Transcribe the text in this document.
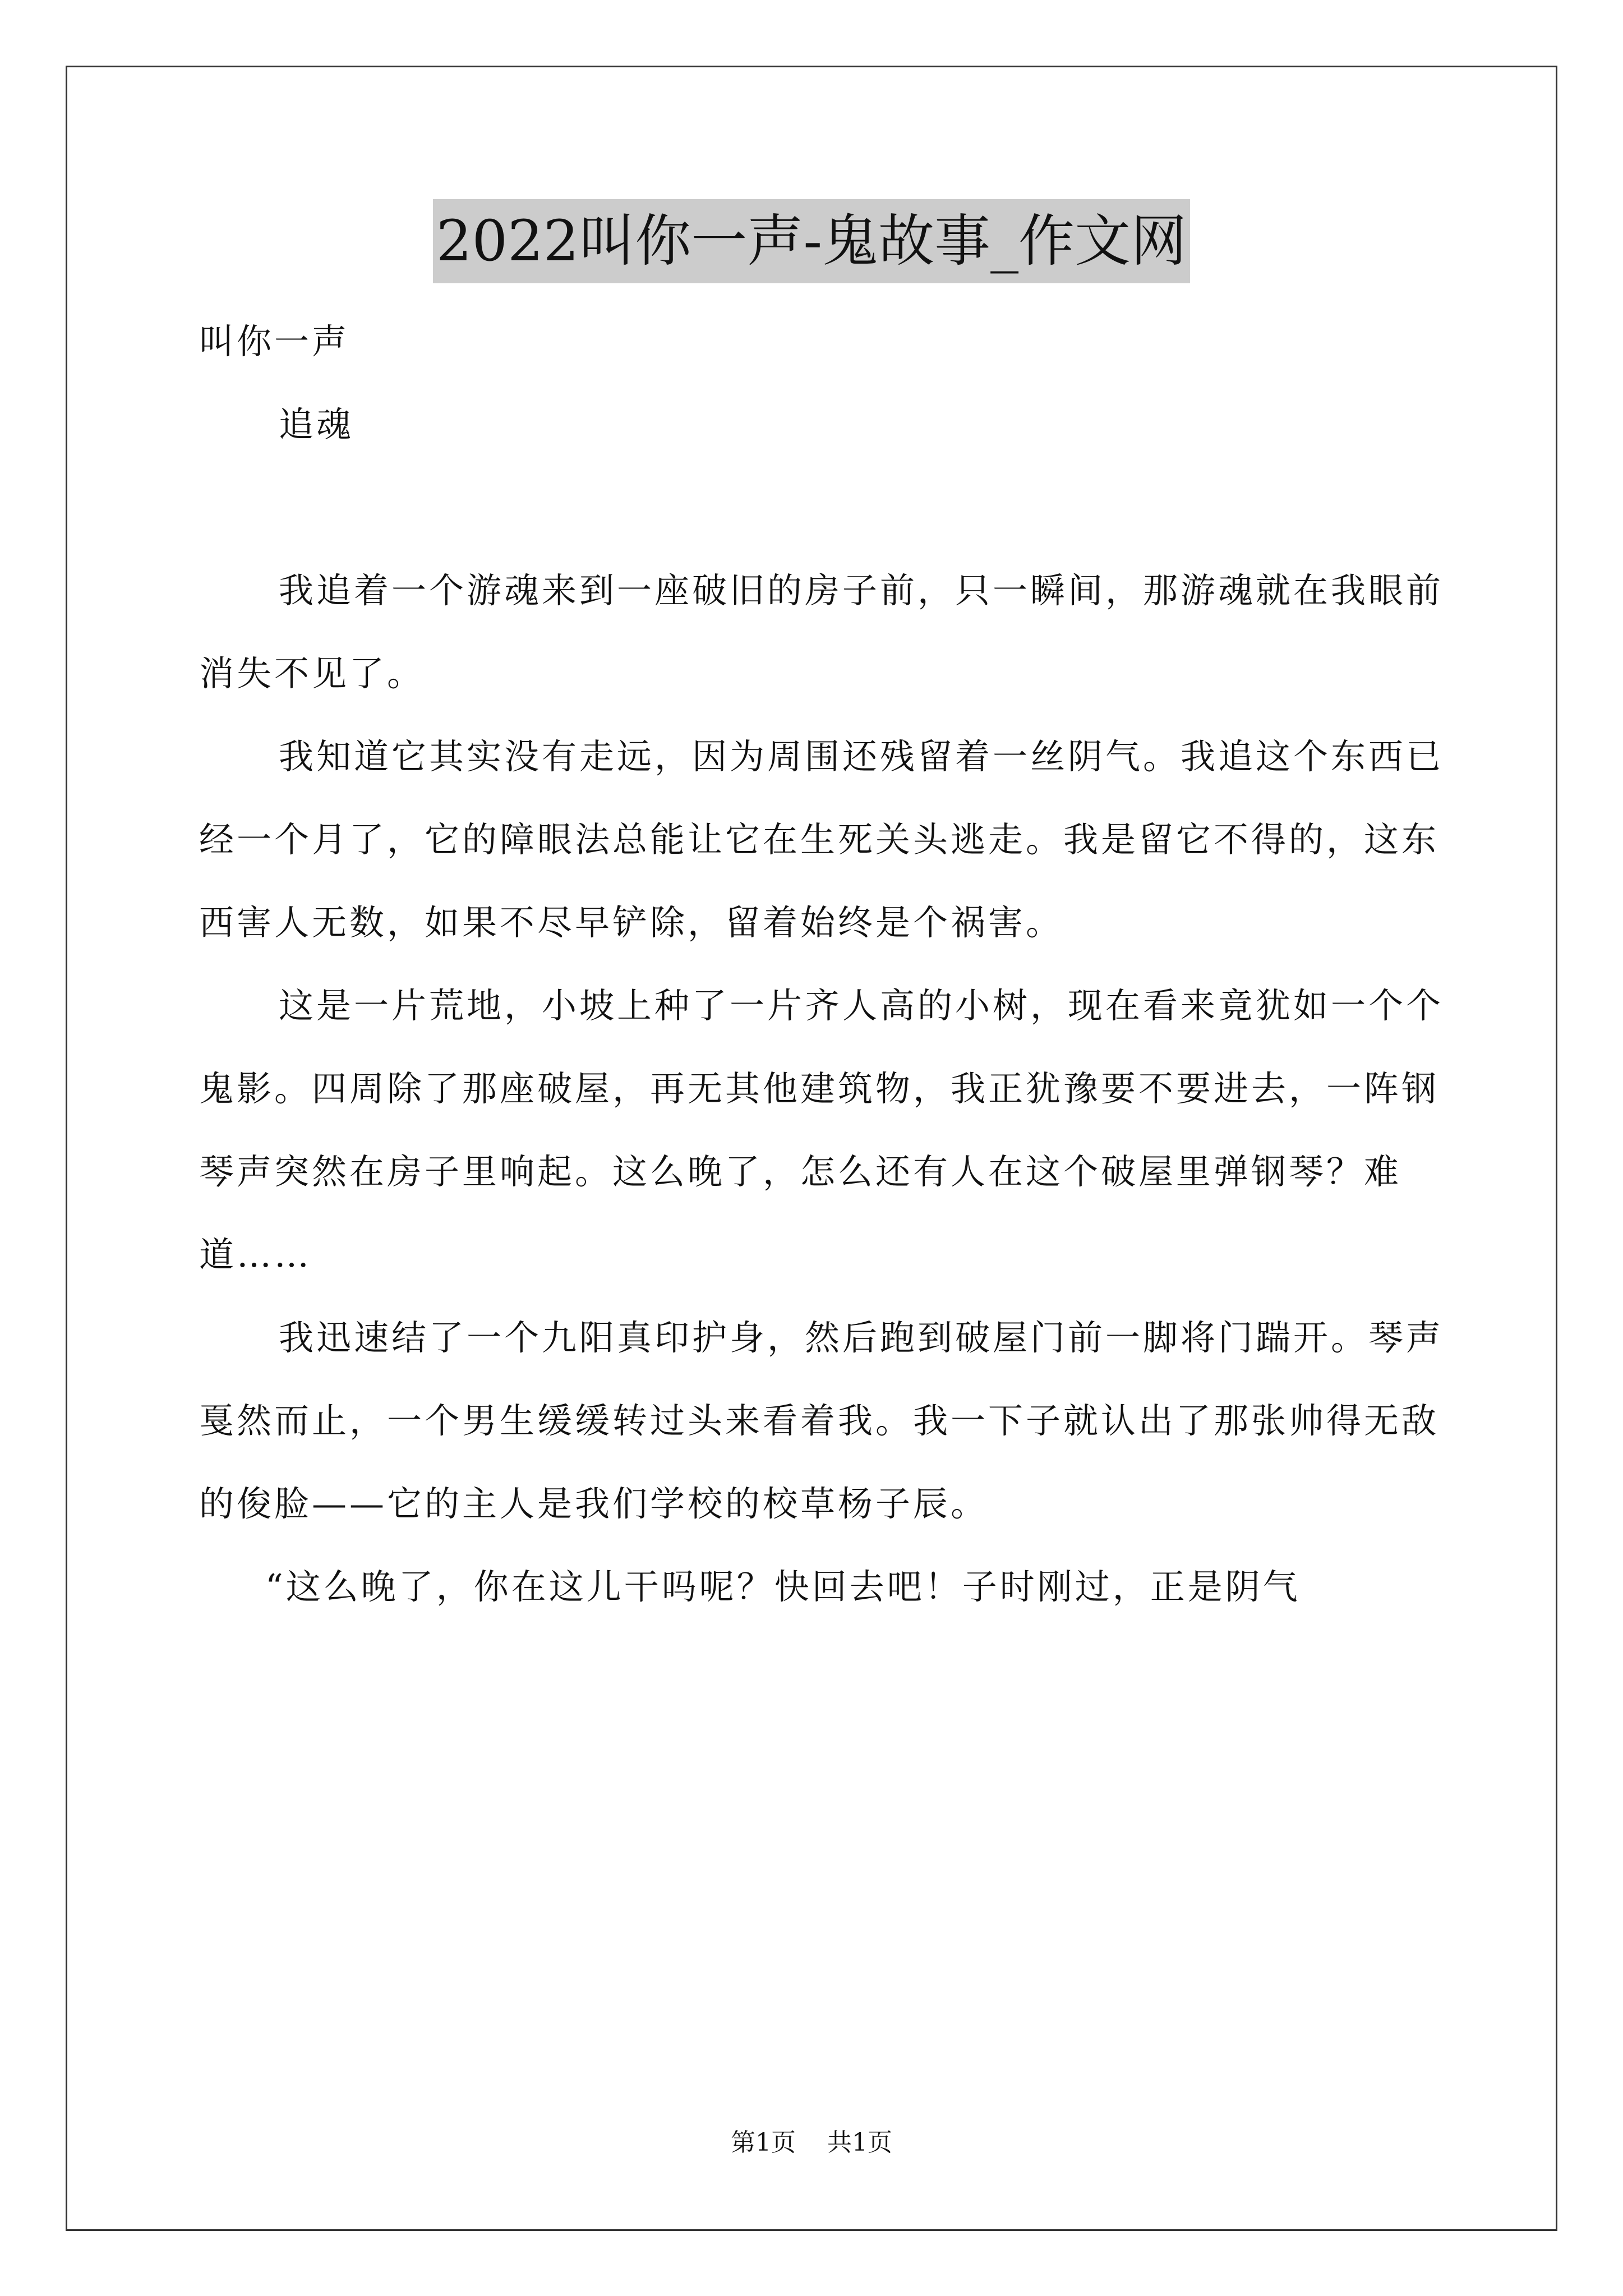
2022叫你一声-鬼故事_作文网

叫你一声

追魂

我追着一个游魂来到一座破旧的房子前，只一瞬间，那游魂就在我眼前消失不见了。

我知道它其实没有走远，因为周围还残留着一丝阴气。我追这个东西已经一个月了，它的障眼法总能让它在生死关头逃走。我是留它不得的，这东西害人无数，如果不尽早铲除，留着始终是个祸害。

这是一片荒地，小坡上种了一片齐人高的小树，现在看来竟犹如一个个鬼影。四周除了那座破屋，再无其他建筑物，我正犹豫要不要进去，一阵钢琴声突然在房子里响起。这么晚了，怎么还有人在这个破屋里弹钢琴？难道……

我迅速结了一个九阳真印护身，然后跑到破屋门前一脚将门踹开。琴声戛然而止，一个男生缓缓转过头来看着我。我一下子就认出了那张帅得无敌的俊脸——它的主人是我们学校的校草杨子辰。

“这么晚了，你在这儿干吗呢？快回去吧！子时刚过，正是阴气

第1页 共1页
